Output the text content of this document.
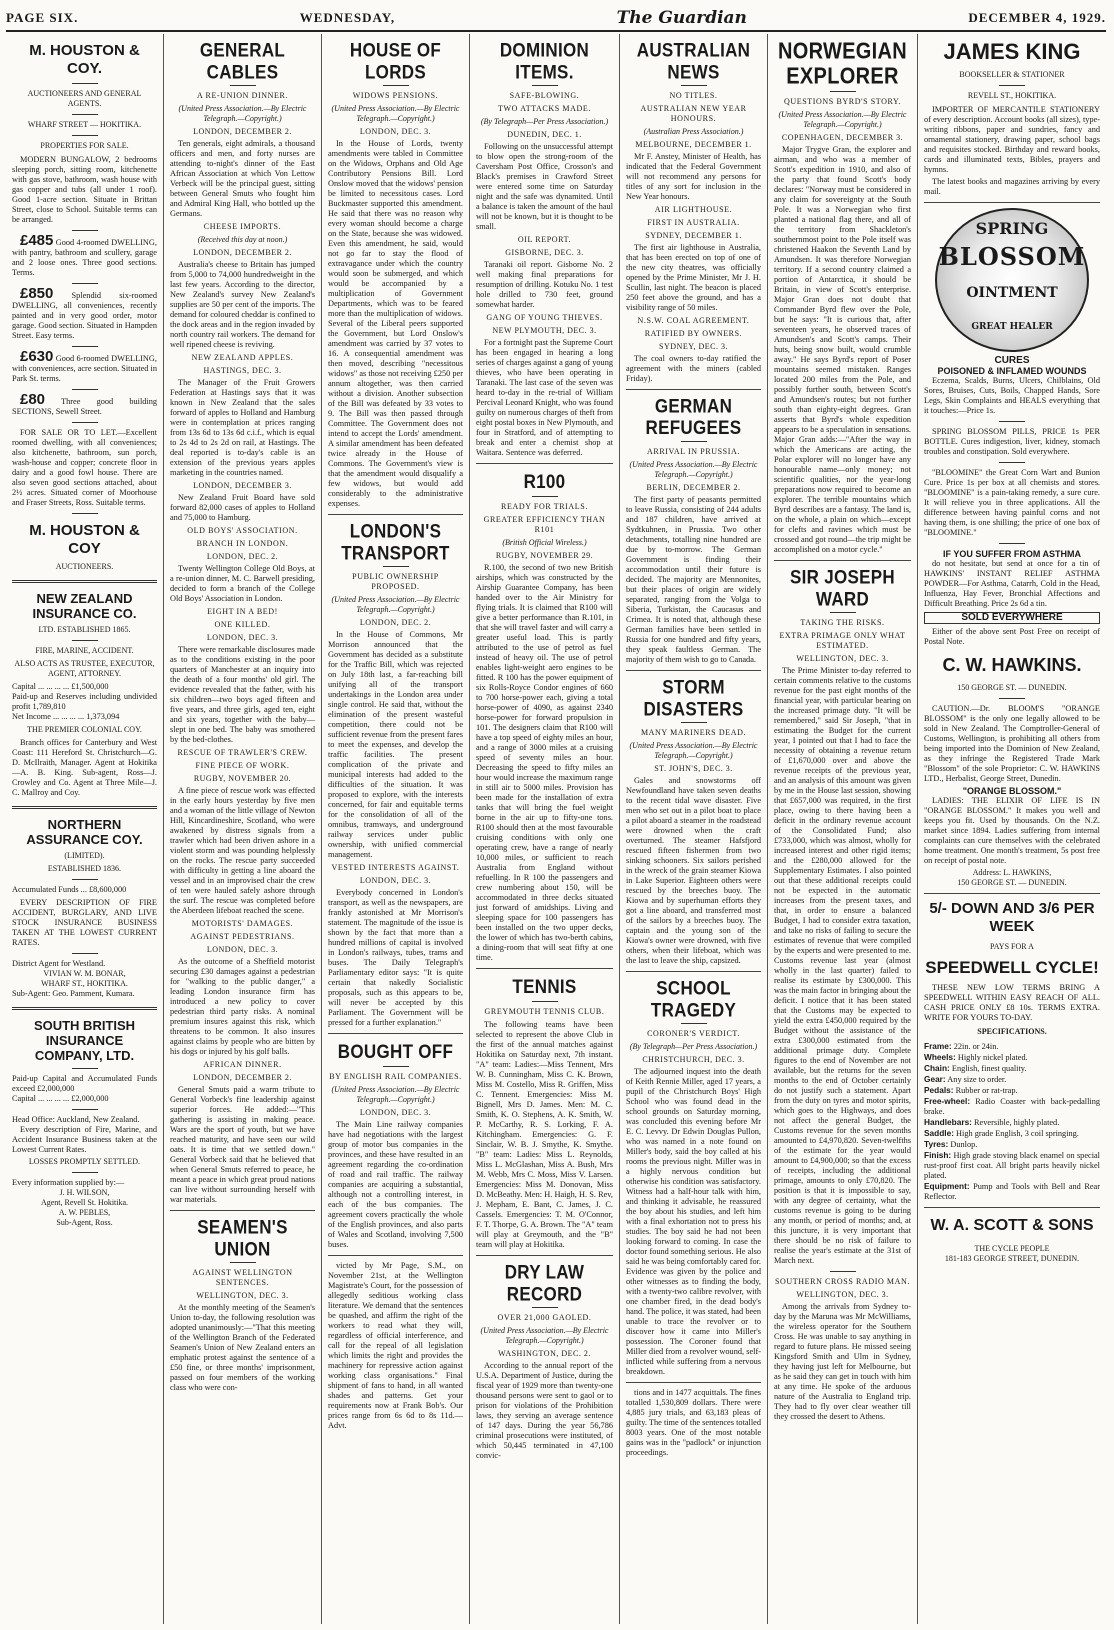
PAGE SIX.	WEDNESDAY,	The Guardian	DECEMBER 4, 1929.
M. HOUSTON & COY.
AUCTIONEERS AND GENERAL AGENTS.
WHARF STREET — HOKITIKA.
PROPERTIES FOR SALE.

MODERN BUNGALOW, 2 bedrooms sleeping porch, sitting room, kitchenette with gas stove, bathroom, wash house with gas copper and tubs (all under 1 roof). Good 1-acre section. Situate in Brittan Street, close to School. Suitable terms can be arranged.

£485 Good 4-roomed DWELLING, with pantry, bathroom and scullery, garage and 2 loose ones. Three good sections. Terms.

£850 Splendid six-roomed DWELLING, all conveniences, recently painted and in very good order, motor garage. Good section. Situated in Hampden Street. Easy terms.

£630 Good 6-roomed DWELLING, with conveniences, acre section. Situated in Park St. terms.

£80 Three good building SECTIONS, Sewell Street.

FOR SALE OR TO LET.—Excellent roomed dwelling, with all conveniences; also kitchenette, bathroom, sun porch, wash-house and copper; concrete floor in dairy and a good fowl house. There are also seven good sections attached, about 2½ acres. Situated corner of Moorhouse and Fraser Streets, Ross. Suitable terms.

M. HOUSTON & COY
AUCTIONEERS.
NEW ZEALAND INSURANCE CO.
LTD. ESTABLISHED 1865.
FIRE, MARINE, ACCIDENT.
ALSO ACTS AS TRUSTEE, EXECUTOR, AGENT, ATTORNEY.
Capital ... ... ... ... £1,500,000
Paid-up and Reserves including undivided profit 1,789,810
Net Income ... ... ... ... 1,373,094
THE PREMIER COLONIAL COY.

Branch offices for Canterbury and West Coast: 111 Hereford St. Christchurch—G. D. McIlraith, Manager. Agent at Hokitika—A. B. King. Sub-agent, Ross—J. Crowley and Co. Agent at Three Mile—J. C. Mallroy and Coy.

NORTHERN ASSURANCE COY.
(LIMITED).
ESTABLISHED 1836.
Accumulated Funds ... £8,600,000

EVERY DESCRIPTION OF FIRE ACCIDENT, BURGLARY, AND LIVE STOCK INSURANCE BUSINESS TAKEN AT THE LOWEST CURRENT RATES.

District Agent for Westland.
VIVIAN W. M. BONAR,
WHARF ST., HOKITIKA.
Sub-Agent: Geo. Pamment, Kumara.
SOUTH BRITISH INSURANCE COMPANY, LTD.
Paid-up Capital and Accumulated Funds exceed £2,000,000
Capital ... ... ... ... £2,000,000
Head Office: Auckland, New Zealand.

Every description of Fire, Marine, and Accident Insurance Business taken at the Lowest Current Rates.

LOSSES PROMPTLY SETTLED.
Every information supplied by:—
J. H. WILSON,
Agent, Revell St. Hokitika.
A. W. PEBLES,
Sub-Agent, Ross.
GENERAL CABLES
A RE-UNION DINNER.
(United Press Association.—By Electric Telegraph.—Copyright.)
LONDON, DECEMBER 2.

Ten generals, eight admirals, a thousand officers and men, and forty nurses are attending to-night's dinner of the East African Association at which Von Lettow Verbeck will be the principal guest, sitting between General Smuts who fought him and Admiral King Hall, who bottled up the Germans.

CHEESE IMPORTS.
(Received this day at noon.)
LONDON, DECEMBER 2.

Australia's cheese to Britain has jumped from 5,000 to 74,000 hundredweight in the last few years. According to the director, New Zealand's survey New Zealand's supplies are 50 per cent of the imports. The demand for coloured cheddar is confined to the dock areas and in the region invaded by north country rail workers. The demand for well ripened cheese is reviving.

NEW ZEALAND APPLES.
HASTINGS, DEC. 3.

The Manager of the Fruit Growers Federation at Hastings says that it was known in New Zealand that the sales forward of apples to Holland and Hamburg were in contemplation at prices ranging from 13s 6d to 13s 6d c.i.f., which is equal to 2s 4d to 2s 2d on rail, at Hastings. The deal reported is to-day's cable is an extension of the previous years apples marketing in the countries named.

LONDON, DECEMBER 3.

New Zealand Fruit Board have sold forward 82,000 cases of apples to Holland and 75,000 to Hamburg.

OLD BOYS' ASSOCIATION.
BRANCH IN LONDON.
LONDON, DEC. 2.

Twenty Wellington College Old Boys, at a re-union dinner, M. C. Barwell presiding, decided to form a branch of the College Old Boys' Association in London.

EIGHT IN A BED!
ONE KILLED.
LONDON, DEC. 3.

There were remarkable disclosures made as to the conditions existing in the poor quarters of Manchester at an inquiry into the death of a four months' old girl. The evidence revealed that the father, with his six children—two boys aged fifteen and five years, and three girls, aged ten, eight and six years, together with the baby—slept in one bed. The baby was smothered by the bed-clothes.

RESCUE OF TRAWLER'S CREW.
FINE PIECE OF WORK.
RUGBY, NOVEMBER 20.

A fine piece of rescue work was effected in the early hours yesterday by five men and a woman of the little village of Newton Hill, Kincardineshire, Scotland, who were awakened by distress signals from a trawler which had been driven ashore in a violent storm and was pounding helplessly on the rocks. The rescue party succeeded with difficulty in getting a line aboard the vessel and in an improvised chair the crew of ten were hauled safely ashore through the surf. The rescue was completed before the Aberdeen lifeboat reached the scene.

MOTORISTS' DAMAGES.
AGAINST PEDESTRIANS.
LONDON, DEC. 3.

As the outcome of a Sheffield motorist securing £30 damages against a pedestrian for "walking to the public danger," a leading London insurance firm has introduced a new policy to cover pedestrian third party risks. A nominal premium insures against this risk, which threatens to be common. It also insures against claims by people who are bitten by his dogs or injured by his golf balls.

AFRICAN DINNER.
LONDON, DECEMBER 2.

General Smuts paid a warm tribute to General Vorbeck's fine leadership against superior forces. He added:—"This gathering is assisting in making peace. Wars are the sport of youth, but we have reached maturity, and have seen our wild oats. It is time that we settled down." General Vorbeck said that he believed that when General Smuts referred to peace, he meant a peace in which great proud nations can live without surrounding herself with war materials.

SEAMEN'S UNION
AGAINST WELLINGTON SENTENCES.
WELLINGTON, DEC. 3.

At the monthly meeting of the Seamen's Union to-day, the following resolution was adopted unanimously:—"That this meeting of the Wellington Branch of the Federated Seamen's Union of New Zealand enters an emphatic protest against the sentence of a £50 fine, or three months' imprisonment, passed on four members of the working class who were con-

HOUSE OF LORDS
WIDOWS PENSIONS.
(United Press Association.—By Electric Telegraph.—Copyright.)
LONDON, DEC. 3.

In the House of Lords, twenty amendments were tabled in Committee on the Widows, Orphans and Old Age Contributory Pensions Bill. Lord Onslow moved that the widows' pension be limited to necessitous cases. Lord Buckmaster supported this amendment. He said that there was no reason why every woman should become a charge on the State, because she was widowed. Even this amendment, he said, would not go far to stay the flood of extravagance under which the country would soon be submerged, and which would be accompanied by a multiplication of Government Departments, which was to be feared more than the multiplication of widows. Several of the Liberal peers supported the Government, but Lord Onslow's amendment was carried by 37 votes to 16. A consequential amendment was then moved, describing "necessitous widows" as those not receiving £250 per annum altogether, was then carried without a division. Another subsection of the Bill was defeated by 33 votes to 9. The Bill was then passed through Committee. The Government does not intend to accept the Lords' amendment. A similar amendment has been defeated twice already in the House of Commons. The Government's view is that the amendment would disqualify a few widows, but would add considerably to the administrative expenses.

LONDON'S TRANSPORT
PUBLIC OWNERSHIP PROPOSED.
(United Press Association.—By Electric Telegraph.—Copyright.)
LONDON, DEC. 2.

In the House of Commons, Mr Morrison announced that the Government has decided as a substitute for the Traffic Bill, which was rejected on July 18th last, a far-reaching bill unifying all of the transport undertakings in the London area under single control. He said that, without the elimination of the present wasteful competition, there could not be sufficient revenue from the present fares to meet the expenses, and develop the traffic facilities. The present complication of the private and municipal interests had added to the difficulties of the situation. It was proposed to explore, with the interests concerned, for fair and equitable terms for the consolidation of all of the omnibus, tramways, and underground railway services under public ownership, with unified commercial management.

VESTED INTERESTS AGAINST.
LONDON, DEC. 3.

Everybody concerned in London's transport, as well as the newspapers, are frankly astonished at Mr Morrison's statement. The magnitude of the issue is shown by the fact that more than a hundred millions of capital is involved in London's railways, tubes, trams and buses. The Daily Telegraph's Parliamentary editor says: "It is quite certain that nakedly Socialistic proposals, such as this appears to be, will never be accepted by this Parliament. The Government will be pressed for a further explanation."

BOUGHT OFF
BY ENGLISH RAIL COMPANIES.
(United Press Association.—By Electric Telegraph.—Copyright.)
LONDON, DEC. 3.

The Main Line railway companies have had negotiations with the largest group of motor bus companies in the provinces, and these have resulted in an agreement regarding the co-ordination of road and rail traffic. The railway companies are acquiring a substantial, although not a controlling interest, in each of the bus companies. The agreement covers practically the whole of the English provinces, and also parts of Wales and Scotland, involving 7,500 buses.

victed by Mr Page, S.M., on November 21st, at the Wellington Magistrate's Court, for the possession of allegedly seditious working class literature. We demand that the sentences be quashed, and affirm the right of the workers to read what they will, regardless of official interference, and call for the repeal of all legislation which limits the right and provides the machinery for repressive action against working class organisations." Final shipment of fans to hand, in all wanted shades and patterns. Get your requirements now at Frank Bob's. Our prices range from 6s 6d to 8s 11d.—Advt.

DOMINION ITEMS.
SAFE-BLOWING.
TWO ATTACKS MADE.
(By Telegraph—Per Press Association.)
DUNEDIN, DEC. 1.

Following on the unsuccessful attempt to blow open the strong-room of the Caversham Post Office, Crosson's and Black's premises in Crawford Street were entered some time on Saturday night and the safe was dynamited. Until a balance is taken the amount of the haul will not be known, but it is thought to be small.

OIL REPORT.
GISBORNE, DEC. 3.

Taranaki oil report. Gisborne No. 2 well making final preparations for resumption of drilling. Kotuku No. 1 test hole drilled to 730 feet, ground somewhat harder.

GANG OF YOUNG THIEVES.
NEW PLYMOUTH, DEC. 3.

For a fortnight past the Supreme Court has been engaged in hearing a long series of charges against a gang of young thieves, who have been operating in Taranaki. The last case of the seven was heard to-day in the re-trial of William Percival Leonard Knight, who was found guilty on numerous charges of theft from eight postal boxes in New Plymouth, and four in Stratford, and of attempting to break and enter a chemist shop at Waitara. Sentence was deferred.

R100
READY FOR TRIALS.
GREATER EFFICIENCY THAN R101
(British Official Wireless.)
RUGBY, NOVEMBER 29.

R.100, the second of two new British airships, which was constructed by the Airship Guarantee Company, has been handed over to the Air Ministry for flying trials. It is claimed that R100 will give a better performance than R.101, in that she will travel faster and will carry a greater useful load. This is partly attributed to the use of petrol as fuel instead of heavy oil. The use of petrol enables light-weight aero engines to be fitted. R 100 has the power equipment of six Rolls-Royce Condor engines of 660 to 700 horse-power each, giving a total horse-power of 4090, as against 2340 horse-power for forward propulsion in 101. The designers claim that R100 will have a top speed of eighty miles an hour, and a range of 3000 miles at a cruising speed of seventy miles an hour. Decreasing the speed to fifty miles an hour would increase the maximum range in still air to 5000 miles. Provision has been made for the installation of extra tanks that will bring the fuel weight borne in the air up to fifty-one tons. R100 should then at the most favourable cruising conditions with only one operating crew, have a range of nearly 10,000 miles, or sufficient to reach Australia from England without refuelling. In R 100 the passengers and crew numbering about 150, will be accommodated in three decks situated just forward of amidships. Living and sleeping space for 100 passengers has been installed on the two upper decks, the lower of which has two-berth cabins, a dining-room that will seat fifty at one time.

TENNIS
GREYMOUTH TENNIS CLUB.

The following teams have been selected to represent the above Club in the first of the annual matches against Hokitika on Saturday next, 7th instant. "A" team: Ladies:—Miss Tennent, Mrs W. B. Cunningham, Miss C. K. Brown, Miss M. Costello, Miss R. Griffen, Miss C. Tennent. Emergencies: Miss M. Bignell, Mrs D. James. Men: M. C. Smith, K. O. Stephens, A. K. Smith, W. P. McCarthy, R. S. Lorking, F. A. Kitchingham. Emergencies: G. F. Sinclair, W. B. J. Smythe, K. Smythe. "B" team: Ladies: Miss L. Reynolds, Miss L. McGlashan, Miss A. Bush, Mrs M. Webb, Mrs C. Moss, Miss V. Larsen. Emergencies: Miss M. Donovan, Miss D. McBeathy. Men: H. Haigh, H. S. Rev, J. Mepham, E. Bant, C. James, J. C. Cassels. Emergencies: T. M. O'Connor, F. T. Thorpe, G. A. Brown. The "A" team will play at Greymouth, and the "B" team will play at Hokitika.

DRY LAW RECORD
OVER 21,000 GAOLED.
(United Press Association.—By Electric Telegraph.—Copyright.)
WASHINGTON, DEC. 2.

According to the annual report of the U.S.A. Department of Justice, during the fiscal year of 1929 more than twenty-one thousand persons were sent to gaol or to prison for violations of the Prohibition laws, they serving an average sentence of 147 days. During the year 56,786 criminal prosecutions were instituted, of which 50,445 terminated in 47,100 convic-

AUSTRALIAN NEWS
NO TITLES.
AUSTRALIAN NEW YEAR HONOURS.
(Australian Press Association.)
MELBOURNE, DECEMBER 1.

Mr F. Anstey, Minister of Health, has indicated that the Federal Government will not recommend any persons for titles of any sort for inclusion in the New Year honours.

AIR LIGHTHOUSE.
FIRST IN AUSTRALIA.
SYDNEY, DECEMBER 1.

The first air lighthouse in Australia, that has been erected on top of one of the new city theatres, was officially opened by the Prime Minister, Mr J. H. Scullin, last night. The beacon is placed 250 feet above the ground, and has a visibility range of 50 miles.

N.S.W. COAL AGREEMENT.
RATIFIED BY OWNERS.
SYDNEY, DEC. 3.

The coal owners to-day ratified the agreement with the miners (cabled Friday).

GERMAN REFUGEES
ARRIVAL IN PRUSSIA.
(United Press Association.—By Electric Telegraph.—Copyright.)
BERLIN, DECEMBER 2.

The first party of peasants permitted to leave Russia, consisting of 244 adults and 187 children, have arrived at Sydtkuhnen, in Prussia. Two other detachments, totalling nine hundred are due by to-morrow. The German Government is finding their accommodation until their future is decided. The majority are Mennonites, but their places of origin are widely separated, ranging from the Volga to Siberia, Turkistan, the Caucasus and Crimea. It is noted that, although these German families have been settled in Russia for one hundred and fifty years, they speak faultless German. The majority of them wish to go to Canada.

STORM DISASTERS
MANY MARINERS DEAD.
(United Press Association.—By Electric Telegraph.—Copyright.)
ST. JOHN'S, DEC. 3.

Gales and snowstorms off Newfoundland have taken seven deaths to the recent tidal wave disaster. Five men who set out in a pilot boat to place a pilot aboard a steamer in the roadstead were drowned when the craft overturned. The steamer Hafsfjord rescued fifteen fishermen from two sinking schooners. Six sailors perished in the wreck of the grain steamer Kiowa in Lake Superior. Eighteen others were rescued by the breeches buoy. The Kiowa and by superhuman efforts they got a line aboard, and transferred most of the sailors by a breeches buoy. The captain and the young son of the Kiowa's owner were drowned, with five others, when their lifeboat, which was the last to leave the ship, capsized.

SCHOOL TRAGEDY
CORONER'S VERDICT.
(By Telegraph—Per Press Association.)
CHRISTCHURCH, DEC. 3.

The adjourned inquest into the death of Keith Rennie Miller, aged 17 years, a pupil of the Christchurch Boys' High School who was found dead in the school grounds on Saturday morning, was concluded this evening before Mr E. C. Levvy. Dr Edwin Douglas Pullon, who was named in a note found on Miller's body, said the boy called at his rooms the previous night. Miller was in a highly nervous condition but otherwise his condition was satisfactory. Witness had a half-hour talk with him, and thinking it advisable, he reassured the boy about his studies, and left him with a final exhortation not to press his studies. The boy said he had not been looking forward to coming. In case the doctor found something serious. He also said he was being comfortably cared for. Evidence was given by the police and other witnesses as to finding the body, with a twenty-two calibre revolver, with one chamber fired, in the dead body's hand. The police, it was stated, had been unable to trace the revolver or to discover how it came into Miller's possession. The Coroner found that Miller died from a revolver wound, self-inflicted while suffering from a nervous breakdown.

tions and in 1477 acquittals. The fines totalled 1,530,809 dollars. There were 4,885 jury trials, and 63,183 pleas of guilty. The time of the sentences totalled 8003 years. One of the most notable gains was in the "padlock" or injunction proceedings.

NORWEGIAN EXPLORER
QUESTIONS BYRD'S STORY.
(United Press Association.—By Electric Telegraph.—Copyright.)
COPENHAGEN, DECEMBER 3.

Major Trygve Gran, the explorer and airman, and who was a member of Scott's expedition in 1910, and also of the party that found Scott's body declares: "Norway must be considered in any claim for sovereignty at the South Pole. It was a Norwegian who first planted a national flag there, and all of the territory from Shackleton's southernmost point to the Pole itself was christened Haakon the Seventh Land by Amundsen. It was therefore Norwegian territory. If a second country claimed a portion of Antarctica, it should be Britain, in view of Scott's enterprise. Major Gran does not doubt that Commander Byrd flew over the Pole, but he says: "It is curious that, after seventeen years, he observed traces of Amundsen's and Scott's camps. Their huts, being snow built, would crumble away." He says Byrd's report of Poser mountains seemed mistaken. Ranges located 200 miles from the Pole, and possibly further south, between Scott's and Amundsen's routes; but not further south than eighty-eight degrees. Gran asserts that Byrd's whole expedition appears to be a speculation in sensations. Major Gran adds:—"After the way in which the Americans are acting, the Polar explorer will no longer have any honourable name—only money; not scientific qualities, nor the year-long preparations now required to become an explorer. The terrible mountains which Byrd describes are a fantasy. The land is, on the whole, a plain on which—except for clefts and ravines which must be crossed and got round—the trip might be accomplished on a motor cycle."

SIR JOSEPH WARD
TAKING THE RISKS.
EXTRA PRIMAGE ONLY WHAT ESTIMATED.
WELLINGTON, DEC. 3.

The Prime Minister to-day referred to certain comments relative to the customs revenue for the past eight months of the financial year, with particular bearing on the increased primage duty. "It will be remembered," said Sir Joseph, "that in estimating the Budget for the current year, I pointed out that I had to face the necessity of obtaining a revenue return of £1,670,000 over and above the revenue receipts of the previous year, and an analysis of this amount was given by me in the House last session, showing that £657,000 was required, in the first place, owing to there having been a deficit in the ordinary revenue account of the Consolidated Fund; also £733,000, which was almost, wholly for increased interest and other rigid items; and the £280,000 allowed for the Supplementary Estimates. I also pointed out that these additional receipts could not be expected in the automatic increases from the present taxes, and that, in order to ensure a balanced Budget, I had to consider extra taxation, and take no risks of failing to secure the estimates of revenue that were compiled by the experts and were presented to me. Customs revenue last year (almost wholly in the last quarter) failed to realise its estimate by £300,000. This was the main factor in bringing about the deficit. I notice that it has been stated that the Customs may be expected to yield the extra £450,000 required by the Budget without the assistance of the extra £300,000 estimated from the additional primage duty. Complete figures to the end of November are not available, but the returns for the seven months to the end of October certainly do not justify such a statement. Apart from the duty on tyres and motor spirits, which goes to the Highways, and does not affect the general Budget, the Customs revenue for the seven months amounted to £4,970,820. Seven-twelfths of the estimate for the year would amount to £4,900,000; so that the excess of receipts, including the additional primage, amounts to only £70,820. The position is that it is impossible to say, with any degree of certainty, what the customs revenue is going to be during any month, or period of months; and, at this juncture, it is very important that there should be no risk of failure to realise the year's estimate at the 31st of March next.

SOUTHERN CROSS RADIO MAN.
WELLINGTON, DEC. 3.

Among the arrivals from Sydney to-day by the Maruna was Mr McWilliams, the wireless operator for the Southern Cross. He was unable to say anything in regard to future plans. He missed seeing Kingsford Smith and Ulm in Sydney, they having just left for Melbourne, but as he said they can get in touch with him at any time. He spoke of the arduous nature of the Australia to England trip. They had to fly over clear weather till they crossed the desert to Athens.

JAMES KING
BOOKSELLER & STATIONER
REVELL ST., HOKITIKA.

IMPORTER OF MERCANTILE STATIONERY of every description. Account books (all sizes), type-writing ribbons, paper and sundries, fancy and ornamental stationery, drawing paper, school bags and requisites stocked. Birthday and reward books, cards and illuminated texts, Bibles, prayers and hymns.

The latest books and magazines arriving by every mail.

SPRING
BLOSSOM
OINTMENT
GREAT HEALER
CURES
POISONED & INFLAMED WOUNDS

Eczema, Scalds, Burns, Ulcers, Chilblains, Old Sores, Bruises, Cuts, Boils, Chapped Hands, Sore Legs, Skin Complaints and HEALS everything that it touches:—Price 1s.

SPRING BLOSSOM PILLS, PRICE 1s PER BOTTLE. Cures indigestion, liver, kidney, stomach troubles and constipation. Sold everywhere.

"BLOOMINE" the Great Corn Wart and Bunion Cure. Price 1s per box at all chemists and stores. "BLOOMINE" is a pain-taking remedy, a sure cure. It will relieve you in three applications. All the difference between having painful corns and not having them, is one shilling; the price of one box of "BLOOMINE."

IF YOU SUFFER FROM ASTHMA

do not hesitate, but send at once for a tin of HAWKINS' INSTANT RELIEF ASTHMA POWDER—For Asthma, Catarrh, Cold in the Head, Influenza, Hay Fever, Bronchial Affections and Difficult Breathing. Price 2s 6d a tin.

SOLD EVERYWHERE

Either of the above sent Post Free on receipt of Postal Note.

C. W. HAWKINS.
150 GEORGE ST. — DUNEDIN.

CAUTION.—Dr. BLOOM'S "ORANGE BLOSSOM" is the only one legally allowed to be sold in New Zealand. The Comptroller-General of Customs, Wellington, is prohibiting all others from being imported into the Dominion of New Zealand, as they infringe the Registered Trade Mark "Blossom" of the sole Proprietor: C. W. HAWKINS LTD., Herbalist, George Street, Dunedin.

"ORANGE BLOSSOM."

LADIES: THE ELIXIR OF LIFE IS IN "ORANGE BLOSSOM." It makes you well and keeps you fit. Used by thousands. On the N.Z. market since 1894. Ladies suffering from internal complaints can cure themselves with the celebrated home treatment. One month's treatment, 5s post free on receipt of postal note.

Address: L. HAWKINS,
150 GEORGE ST. — DUNEDIN.
5/- DOWN AND 3/6 PER WEEK
PAYS FOR A
SPEEDWELL CYCLE!

THESE NEW LOW TERMS BRING A SPEEDWELL WITHIN EASY REACH OF ALL. CASH PRICE ONLY £8 10s. TERMS EXTRA. WRITE FOR YOURS TO-DAY.

SPECIFICATIONS.
Frame: 22in. or 24in.
Wheels: Highly nickel plated.
Chain: English, finest quality.
Gear: Any size to order.
Pedals: Rubber or rat-trap.
Free-wheel: Radio Coaster with back-pedalling brake.
Handlebars: Reversible, highly plated.
Saddle: High grade English, 3 coil springing.
Tyres: Dunlop.
Finish: High grade stoving black enamel on special rust-proof first coat. All bright parts heavily nickel plated.
Equipment: Pump and Tools with Bell and Rear Reflector.
W. A. SCOTT & SONS
THE CYCLE PEOPLE
181-183 GEORGE STREET, DUNEDIN.
